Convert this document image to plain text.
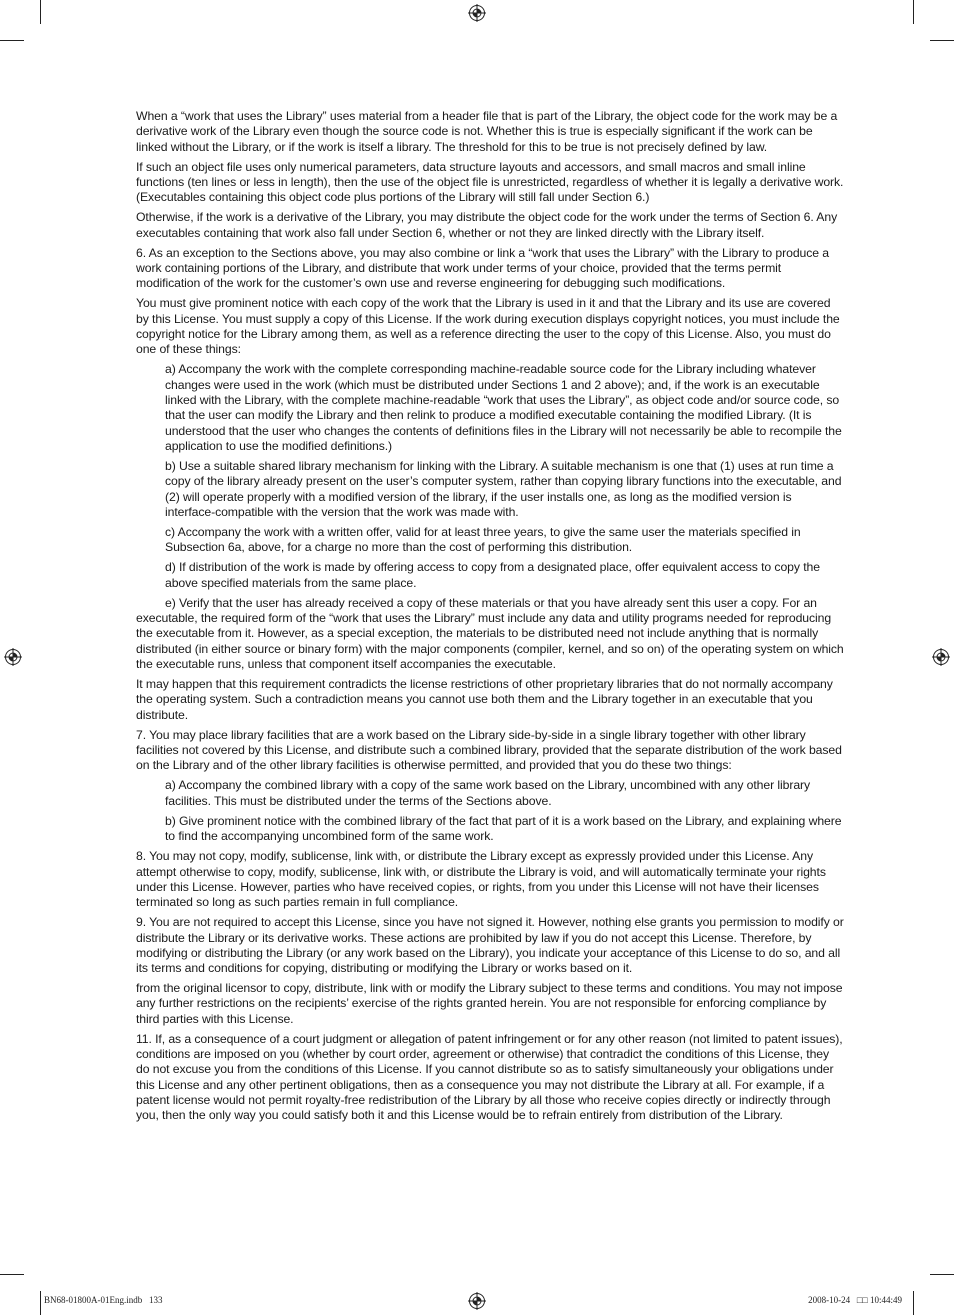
When a “work that uses the Library” uses material from a header file that is part of the Library, the object code for the work may be a derivative work of the Library even though the source code is not. Whether this is true is especially significant if the work can be linked without the Library, or if the work is itself a library. The threshold for this to be true is not precisely defined by law.

If such an object file uses only numerical parameters, data structure layouts and accessors, and small macros and small inline functions (ten lines or less in length), then the use of the object file is unrestricted, regardless of whether it is legally a derivative work. (Executables containing this object code plus portions of the Library will still fall under Section 6.)

Otherwise, if the work is a derivative of the Library, you may distribute the object code for the work under the terms of Section 6. Any executables containing that work also fall under Section 6, whether or not they are linked directly with the Library itself.

6. As an exception to the Sections above, you may also combine or link a “work that uses the Library” with the Library to produce a work containing portions of the Library, and distribute that work under terms of your choice, provided that the terms permit modification of the work for the customer’s own use and reverse engineering for debugging such modifications.

You must give prominent notice with each copy of the work that the Library is used in it and that the Library and its use are covered by this License. You must supply a copy of this License. If the work during execution displays copyright notices, you must include the copyright notice for the Library among them, as well as a reference directing the user to the copy of this License. Also, you must do one of these things:

a) Accompany the work with the complete corresponding machine-readable source code for the Library including whatever changes were used in the work (which must be distributed under Sections 1 and 2 above); and, if the work is an executable linked with the Library, with the complete machine-readable “work that uses the Library”, as object code and/or source code, so that the user can modify the Library and then relink to produce a modified executable containing the modified Library. (It is understood that the user who changes the contents of definitions files in the Library will not necessarily be able to recompile the application to use the modified definitions.)

b) Use a suitable shared library mechanism for linking with the Library. A suitable mechanism is one that (1) uses at run time a copy of the library already present on the user’s computer system, rather than copying library functions into the executable, and (2) will operate properly with a modified version of the library, if the user installs one, as long as the modified version is interface-compatible with the version that the work was made with.

c) Accompany the work with a written offer, valid for at least three years, to give the same user the materials specified in Subsection 6a, above, for a charge no more than the cost of performing this distribution.

d) If distribution of the work is made by offering access to copy from a designated place, offer equivalent access to copy the above specified materials from the same place.

e) Verify that the user has already received a copy of these materials or that you have already sent this user a copy. For an executable, the required form of the “work that uses the Library” must include any data and utility programs needed for reproducing the executable from it. However, as a special exception, the materials to be distributed need not include anything that is normally distributed (in either source or binary form) with the major components (compiler, kernel, and so on) of the operating system on which the executable runs, unless that component itself accompanies the executable.

It may happen that this requirement contradicts the license restrictions of other proprietary libraries that do not normally accompany the operating system. Such a contradiction means you cannot use both them and the Library together in an executable that you distribute.

7. You may place library facilities that are a work based on the Library side-by-side in a single library together with other library facilities not covered by this License, and distribute such a combined library, provided that the separate distribution of the work based on the Library and of the other library facilities is otherwise permitted, and provided that you do these two things:

a) Accompany the combined library with a copy of the same work based on the Library, uncombined with any other library facilities. This must be distributed under the terms of the Sections above.

b) Give prominent notice with the combined library of the fact that part of it is a work based on the Library, and explaining where to find the accompanying uncombined form of the same work.

8. You may not copy, modify, sublicense, link with, or distribute the Library except as expressly provided under this License. Any attempt otherwise to copy, modify, sublicense, link with, or distribute the Library is void, and will automatically terminate your rights under this License. However, parties who have received copies, or rights, from you under this License will not have their licenses terminated so long as such parties remain in full compliance.

9. You are not required to accept this License, since you have not signed it. However, nothing else grants you permission to modify or distribute the Library or its derivative works. These actions are prohibited by law if you do not accept this License. Therefore, by modifying or distributing the Library (or any work based on the Library), you indicate your acceptance of this License to do so, and all its terms and conditions for copying, distributing or modifying the Library or works based on it.

from the original licensor to copy, distribute, link with or modify the Library subject to these terms and conditions. You may not impose any further restrictions on the recipients’ exercise of the rights granted herein. You are not responsible for enforcing compliance by third parties with this License.

11. If, as a consequence of a court judgment or allegation of patent infringement or for any other reason (not limited to patent issues), conditions are imposed on you (whether by court order, agreement or otherwise) that contradict the conditions of this License, they do not excuse you from the conditions of this License. If you cannot distribute so as to satisfy simultaneously your obligations under this License and any other pertinent obligations, then as a consequence you may not distribute the Library at all. For example, if a patent license would not permit royalty-free redistribution of the Library by all those who receive copies directly or indirectly through you, then the only way you could satisfy both it and this License would be to refrain entirely from distribution of the Library.

BN68-01800A-01Eng.indb   133	2008-10-24   □□ 10:44:49
